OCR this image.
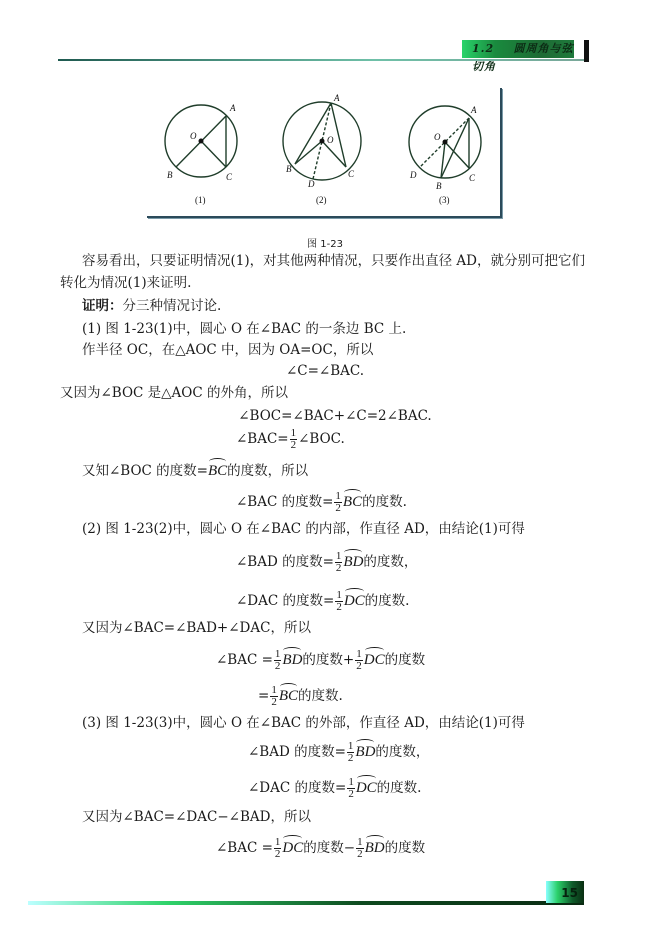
1.2 圆周角与弦切角
A
B	C
O
A
B	C
D
O
A
D
B
C
O
(1)	(2)	(3)
图 1-23
容易看出，只要证明情况(1)，对其他两种情况，只要作出直径 AD，就分别可把它们
转化为情况(1)来证明.
证明：分三种情况讨论.
(1) 图 1-23(1)中，圆心 O 在∠BAC 的一条边 BC 上.
作半径 OC，在△AOC 中，因为 OA=OC，所以
∠C=∠BAC.
又因为∠BOC 是△AOC 的外角，所以
∠BOC=∠BAC+∠C=2∠BAC.
∠BAC= $\frac{1}{2}$ ∠BOC.
又知∠BOC 的度数=BC的度数，所以
∠BAC 的度数= $\frac{1}{2}$ BC的度数.
(2) 图 1-23(2)中，圆心 O 在∠BAC 的内部，作直径 AD，由结论(1)可得
∠BAD 的度数= $\frac{1}{2}$ BD的度数，
∠DAC 的度数= $\frac{1}{2}$ DC的度数.
又因为∠BAC=∠BAD+∠DAC，所以
∠BAC = $\frac{1}{2}$ BD的度数+ $\frac{1}{2}$ DC的度数
= $\frac{1}{2}$ BC的度数.
(3) 图 1-23(3)中，圆心 O 在∠BAC 的外部，作直径 AD，由结论(1)可得
∠BAD 的度数= $\frac{1}{2}$ BD的度数，
∠DAC 的度数= $\frac{1}{2}$ DC的度数.
又因为∠BAC=∠DAC−∠BAD，所以
∠BAC = $\frac{1}{2}$ DC的度数− $\frac{1}{2}$ BD的度数
15
